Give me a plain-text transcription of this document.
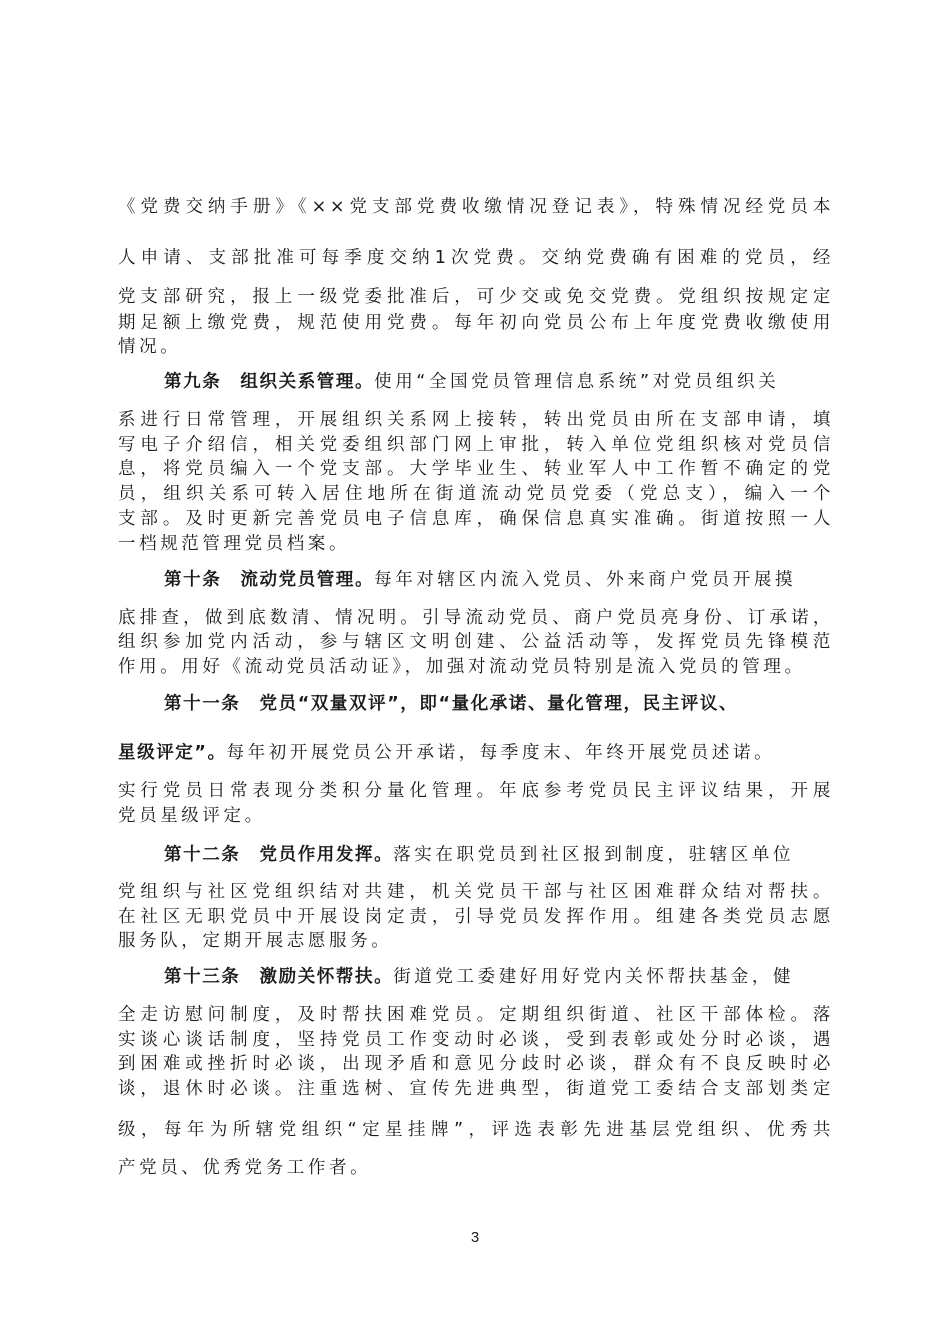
《党费交纳手册》《××党支部党费收缴情况登记表》，特殊情况经党员本
人申请、支部批准可每季度交纳1次党费。交纳党费确有困难的党员，经
党支部研究，报上一级党委批准后，可少交或免交党费。党组织按规定定
期足额上缴党费，规范使用党费。每年初向党员公布上年度党费收缴使用
情况。
第九条　组织关系管理。使用“全国党员管理信息系统”对党员组织关
系进行日常管理，开展组织关系网上接转，转出党员由所在支部申请，填
写电子介绍信，相关党委组织部门网上审批，转入单位党组织核对党员信
息，将党员编入一个党支部。大学毕业生、转业军人中工作暂不确定的党
员，组织关系可转入居住地所在街道流动党员党委（党总支），编入一个
支部。及时更新完善党员电子信息库，确保信息真实准确。街道按照一人
一档规范管理党员档案。
第十条　流动党员管理。每年对辖区内流入党员、外来商户党员开展摸
底排查，做到底数清、情况明。引导流动党员、商户党员亮身份、订承诺，
组织参加党内活动，参与辖区文明创建、公益活动等，发挥党员先锋模范
作用。用好《流动党员活动证》，加强对流动党员特别是流入党员的管理。
第十一条　党员“双量双评”，即“量化承诺、量化管理，民主评议、
星级评定”。每年初开展党员公开承诺，每季度末、年终开展党员述诺。
实行党员日常表现分类积分量化管理。年底参考党员民主评议结果，开展
党员星级评定。
第十二条　党员作用发挥。落实在职党员到社区报到制度，驻辖区单位
党组织与社区党组织结对共建，机关党员干部与社区困难群众结对帮扶。
在社区无职党员中开展设岗定责，引导党员发挥作用。组建各类党员志愿
服务队，定期开展志愿服务。
第十三条　激励关怀帮扶。街道党工委建好用好党内关怀帮扶基金，健
全走访慰问制度，及时帮扶困难党员。定期组织街道、社区干部体检。落
实谈心谈话制度，坚持党员工作变动时必谈，受到表彰或处分时必谈，遇
到困难或挫折时必谈，出现矛盾和意见分歧时必谈，群众有不良反映时必
谈，退休时必谈。注重选树、宣传先进典型，街道党工委结合支部划类定
级，每年为所辖党组织“定星挂牌”，评选表彰先进基层党组织、优秀共
产党员、优秀党务工作者。
3
